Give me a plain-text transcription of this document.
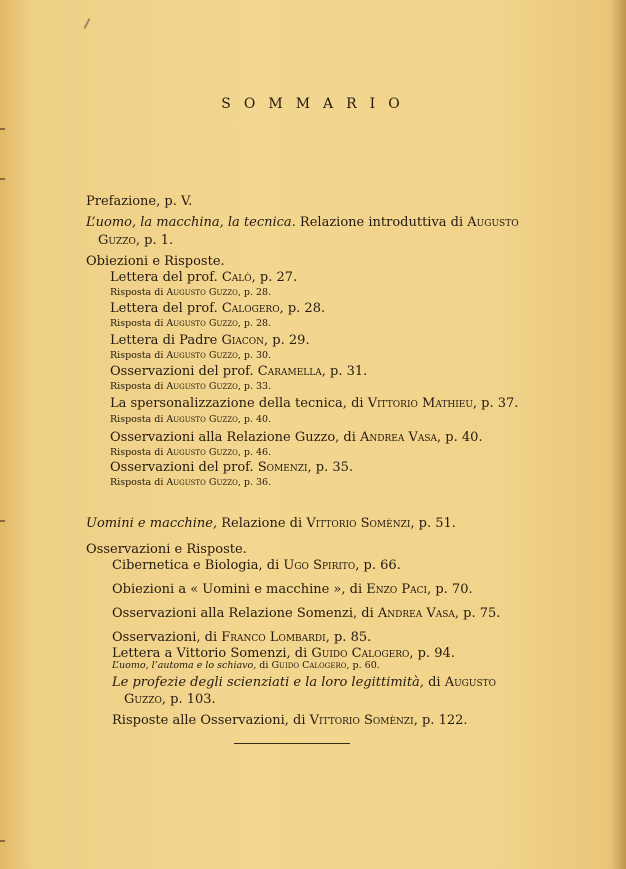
SOMMARIO
Prefazione, p. V.
L’uomo, la macchina, la tecnica. Relazione introduttiva di Augusto
Guzzo, p. 1.
Obiezioni e Risposte.
Lettera del prof. Calò, p. 27.
Risposta di Augusto Guzzo, p. 28.
Lettera del prof. Calogero, p. 28.
Risposta di Augusto Guzzo, p. 28.
Lettera di Padre Giacon, p. 29.
Risposta di Augusto Guzzo, p. 30.
Osservazioni del prof. Caramella, p. 31.
Risposta di Augusto Guzzo, p. 33.
La spersonalizzazione della tecnica, di Vittorio Mathieu, p. 37.
Risposta di Augusto Guzzo, p. 40.
Osservazioni alla Relazione Guzzo, di Andrea Vasa, p. 40.
Risposta di Augusto Guzzo, p. 46.
Osservazioni del prof. Somenzi, p. 35.
Risposta di Augusto Guzzo, p. 36.
Uomini e macchine, Relazione di Vittorio Somènzi, p. 51.
Osservazioni e Risposte.
Cibernetica e Biologia, di Ugo Spirito, p. 66.
Obiezioni a « Uomini e macchine », di Enzo Paci, p. 70.
Osservazioni alla Relazione Somenzi, di Andrea Vasa, p. 75.
Osservazioni, di Franco Lombardi, p. 85.
Lettera a Vittorio Somenzi, di Guido Calogero, p. 94.
L’uomo, l’automa e lo schiavo, di Guido Calogero, p. 60.
Le profezie degli scienziati e la loro legittimità, di Augusto
Guzzo, p. 103.
Risposte alle Osservazioni, di Vittorio Somènzi, p. 122.
